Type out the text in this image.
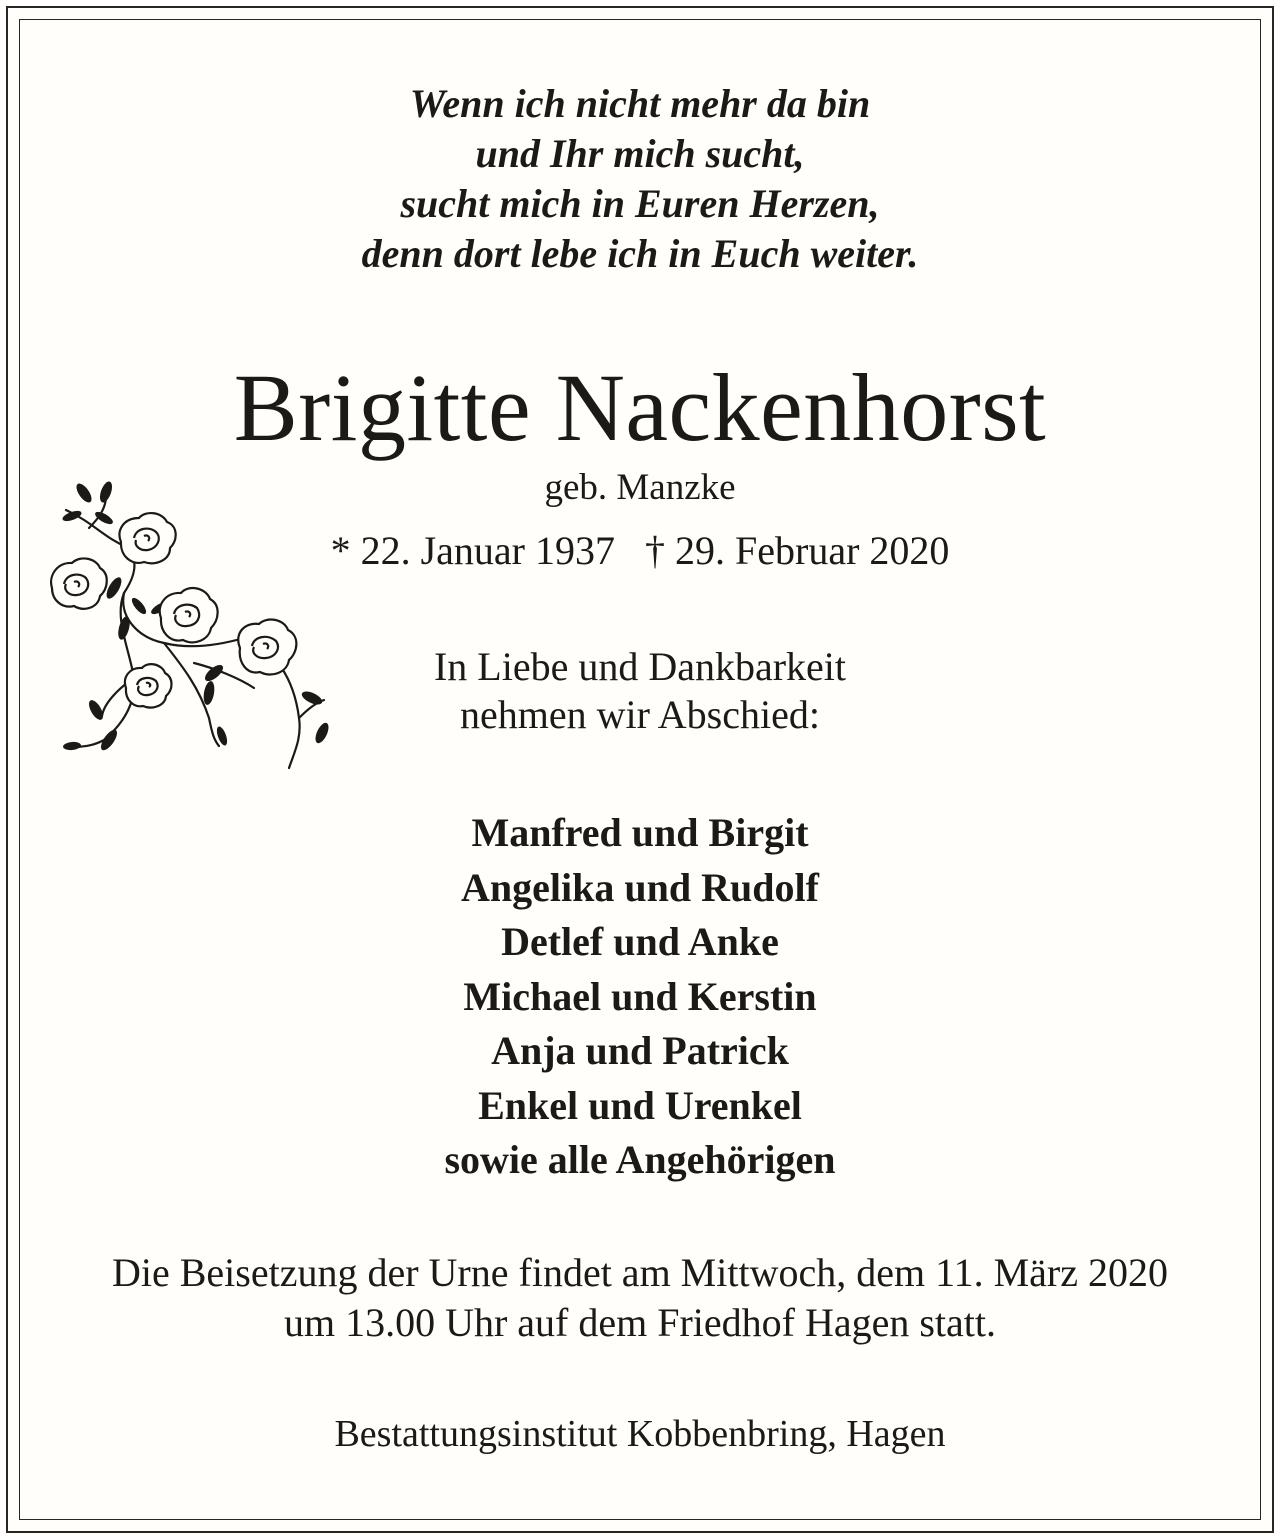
Wenn ich nicht mehr da bin
und Ihr mich sucht,
sucht mich in Euren Herzen,
denn dort lebe ich in Euch weiter.
Brigitte Nackenhorst
geb. Manzke
* 22. Januar 1937 † 29. Februar 2020
In Liebe und Dankbarkeit
nehmen wir Abschied:
Manfred und Birgit
Angelika und Rudolf
Detlef und Anke
Michael und Kerstin
Anja und Patrick
Enkel und Urenkel
sowie alle Angehörigen
Die Beisetzung der Urne findet am Mittwoch, dem 11. März 2020
um 13.00 Uhr auf dem Friedhof Hagen statt.
Bestattungsinstitut Kobbenbring, Hagen
